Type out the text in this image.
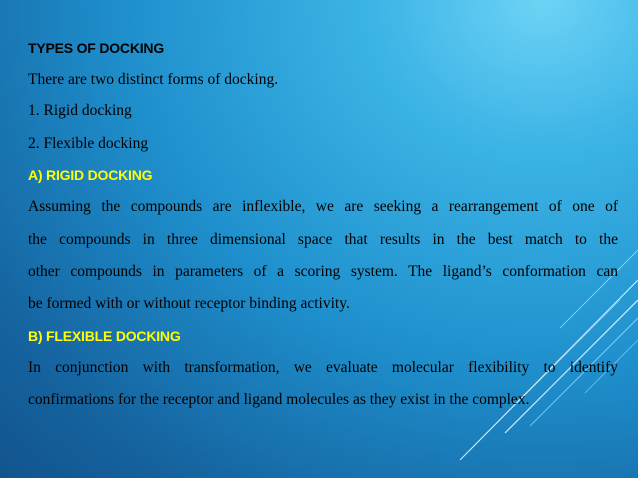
TYPES OF DOCKING
There are two distinct forms of docking.
1. Rigid docking
2. Flexible docking
A) RIGID DOCKING
Assuming the compounds are inflexible, we are seeking a rearrangement of one of
the compounds in three dimensional space that results in the best match to the
other compounds in parameters of a scoring system. The ligand’s conformation can
be formed with or without receptor binding activity.
B) FLEXIBLE DOCKING
In conjunction with transformation, we evaluate molecular flexibility to identify
confirmations for the receptor and ligand molecules as they exist in the complex.
